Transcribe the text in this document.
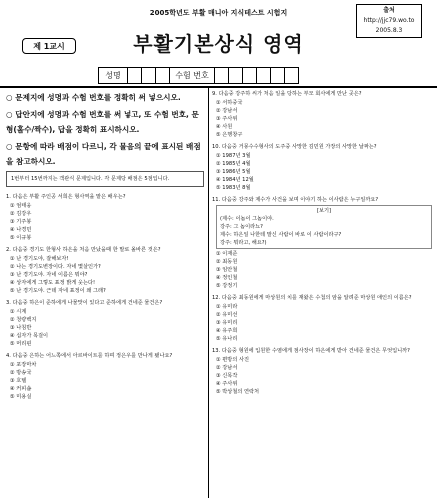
2005학년도 부활 매니아 지식테스트 시험지	출처
http://jjc79.wo.to
2005.8.3
제 1교시	부활기본상식 영역
성명	수험 번호
○ 문제지에 성명과 수험 번호를 정확히 써 넣으시오.
○ 답안지에 성명과 수험 번호를 써 넣고, 또 수험 번호, 문형(홀수/짝수), 답을 정확히 표시하시오.
○ 문항에 따라 배점이 다르니, 각 물음의 끝에 표시된 배점을 참고하시오.
1번부터 15번까지는 객관식 문제입니다. 각 문제당 배점은 5점입니다.
1. 다음은 부활 주인공 서희은 형사역을 맡은 배우는?
① 엄태웅
② 김강우
③ 기주봉
④ 나경민
⑤ 이규봉
2. 다음중 경기도 한형사 하은을 처음 만났을때 한 말로 올바른 것은?
① 난 경기도야, 잘해보자!
② 나는 경기도변장이다. 자네 몇살인가?
③ 난 경기도야. 자네 이름은 뭐야?
④ 상자에게 그렇도 표정 밝게 웃는다!
⑤ 난 경기도야. 근데 자네 표정이 왜 그래?
3. 다음중 하은이 준하에게 나물맛이 있다고 준하에게 건네준 물건은?
① 시계
② 청량백지
③ 나침반
④ 십자가 목걸이
⑤ 머리핀
4. 다음중 은하는 어느쪽에서 아르바이트를 하며 정은우를 만나게 됐나요?
① 포장마차
② 방송국
③ 호텔
④ 커피숍
⑤ 미용실
9. 다음중 강주하 씨가 처음 일을 당하는 부모 회사에게 만난 곳은?
① 서하중국
② 강남서
③ 주사위
④ 사원
⑤ 은행창구
10. 다음중 거몽수수형사의 도주중 사망한 김민원 가장의 사망한 날짜는?
① 1987년 3월
② 1985년 4월
③ 1986년 5월
④ 1984년 12월
⑤ 1983년 8월
11. 다음중 강주와 제수가 사건을 보며 이야기 하는 이사람은 누구일까요?
[보기]
(제수: 이놈이 그놈이야.
강주: 그 놈이라뇨?
제수: 하은일 나한테 말신 사람이 바로 이 사람이라구?
강주: 뭐라고, 해요?)
① 이재준
② 최동원
③ 임안철
④ 정인철
⑤ 강정기
12. 다음중 최동원에게 마상원의 치를 재왔은 수첩의 암을 알려준 마상원 애인의 이름은?
① 유미라
② 유미선
③ 유미리
④ 유주희
⑤ 유나리
13. 다음중 형원에 입원한 수염에게 점사장이 하은에게 받아 건네준 물건은 무엇입니까?
① 편방의 사진
② 강남서
③ 신목작
④ 주사위
⑤ 박상철의 연락처
